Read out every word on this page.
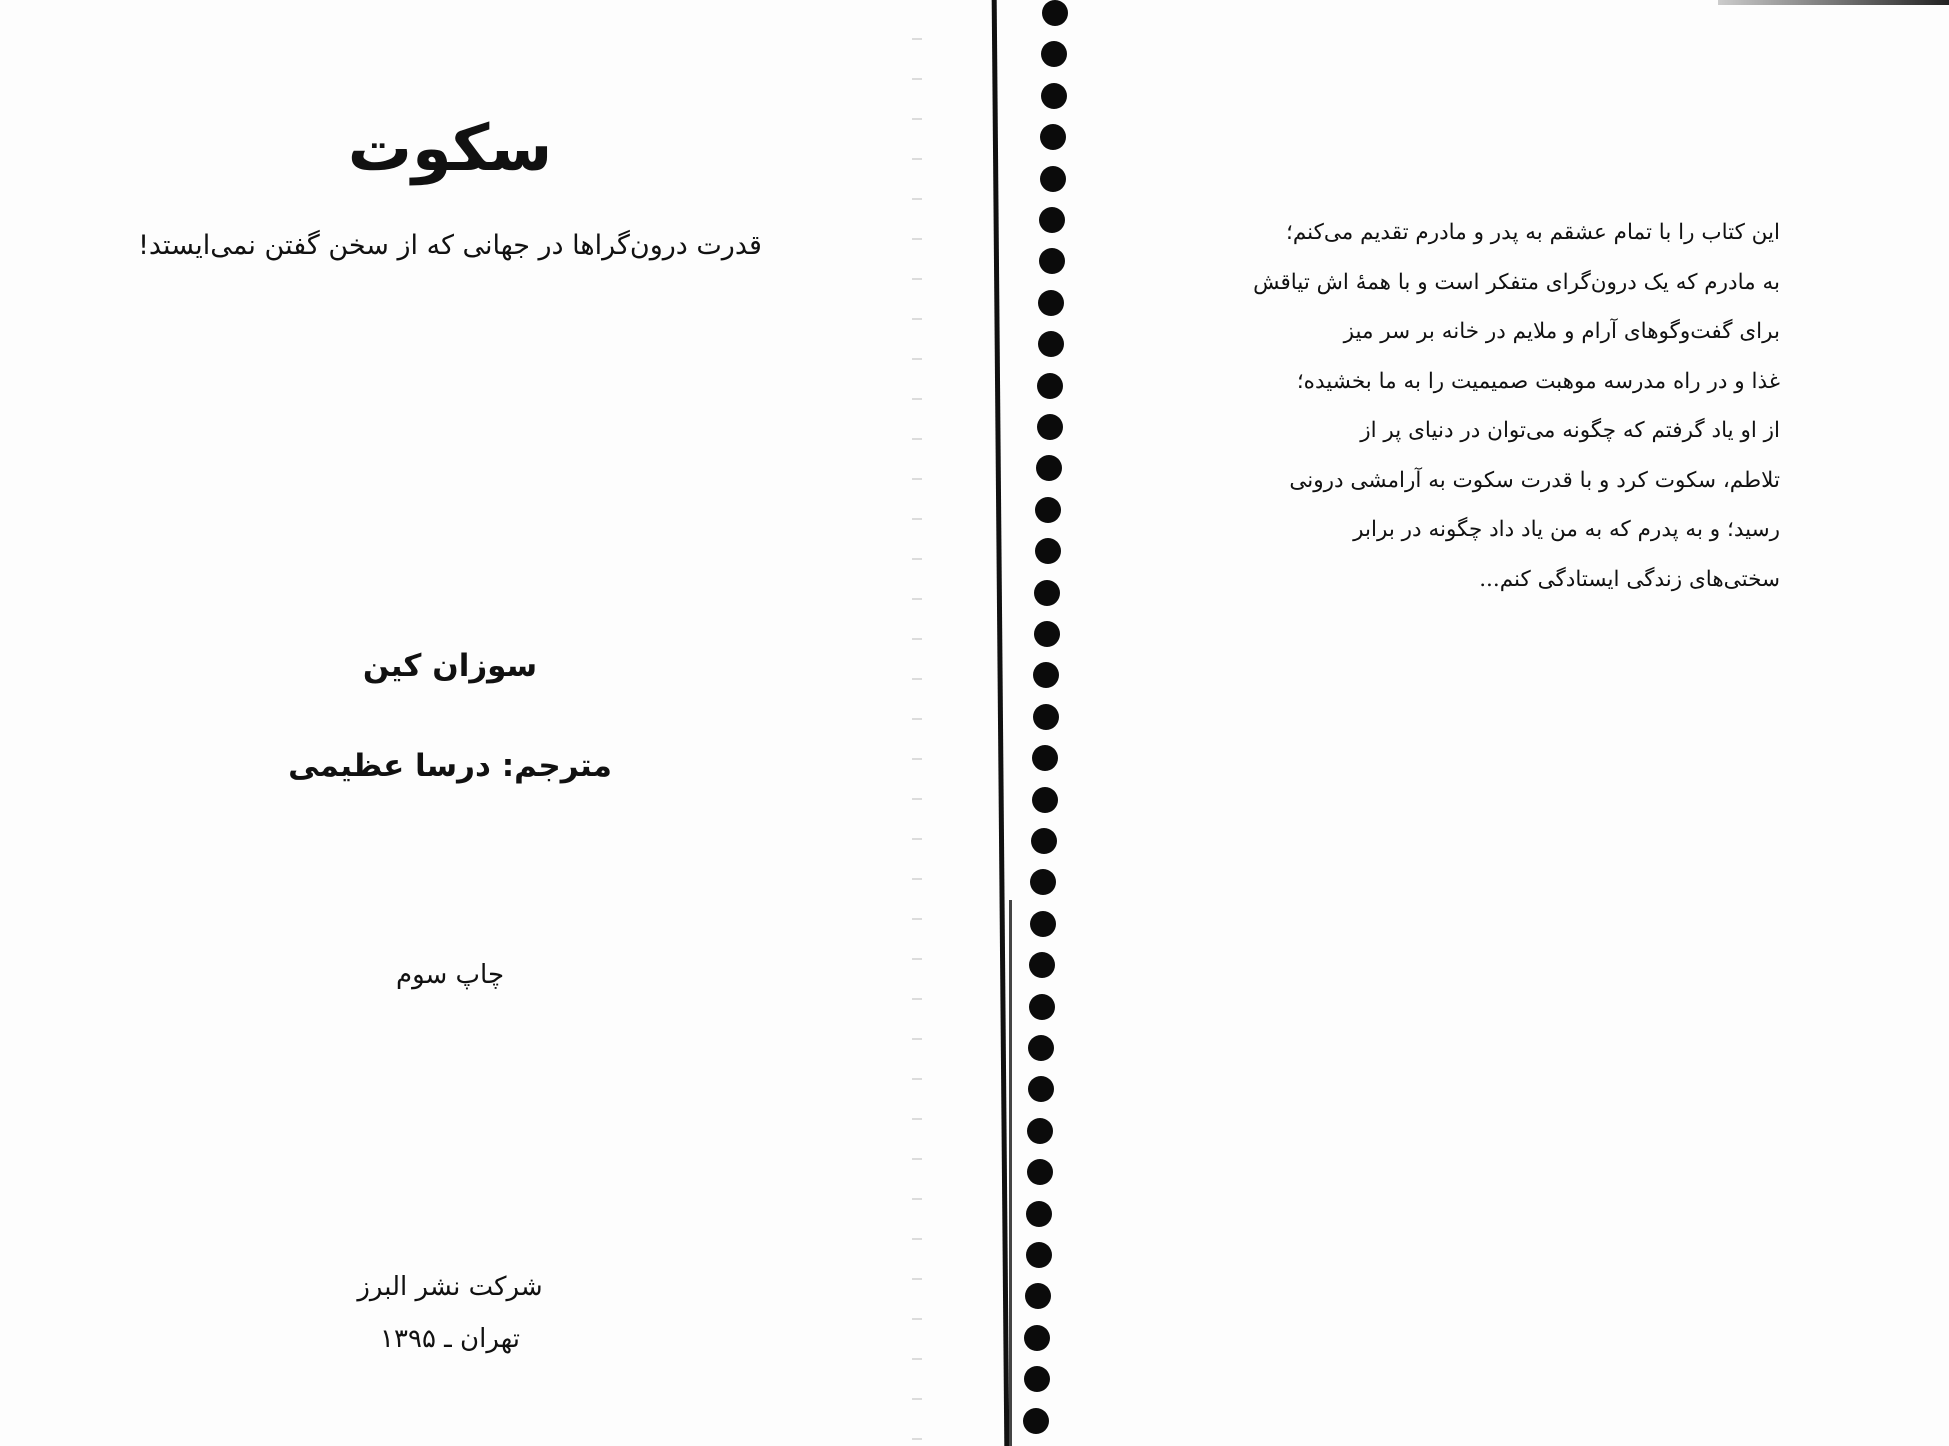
سکوت
قدرت درون‌گراها در جهانی که از سخن گفتن نمی‌ایستد!
سوزان کین
مترجم: درسا عظیمی
چاپ سوم
شرکت نشر البرز
تهران ـ ۱۳۹۵
این کتاب را با تمام عشقم به پدر و مادرم تقدیم می‌کنم؛
به مادرم که یک درون‌گرای متفکر است و با همهٔ اش تیاقش
برای گفت‌وگوهای آرام و ملایم در خانه بر سر میز
غذا و در راه مدرسه موهبت صمیمیت را به ما بخشیده؛
از او یاد گرفتم که چگونه می‌توان در دنیای پر از
تلاطم، سکوت کرد و با قدرت سکوت به آرامشی درونی
رسید؛ و به پدرم که به من یاد داد چگونه در برابر
سختی‌های زندگی ایستادگی کنم...
